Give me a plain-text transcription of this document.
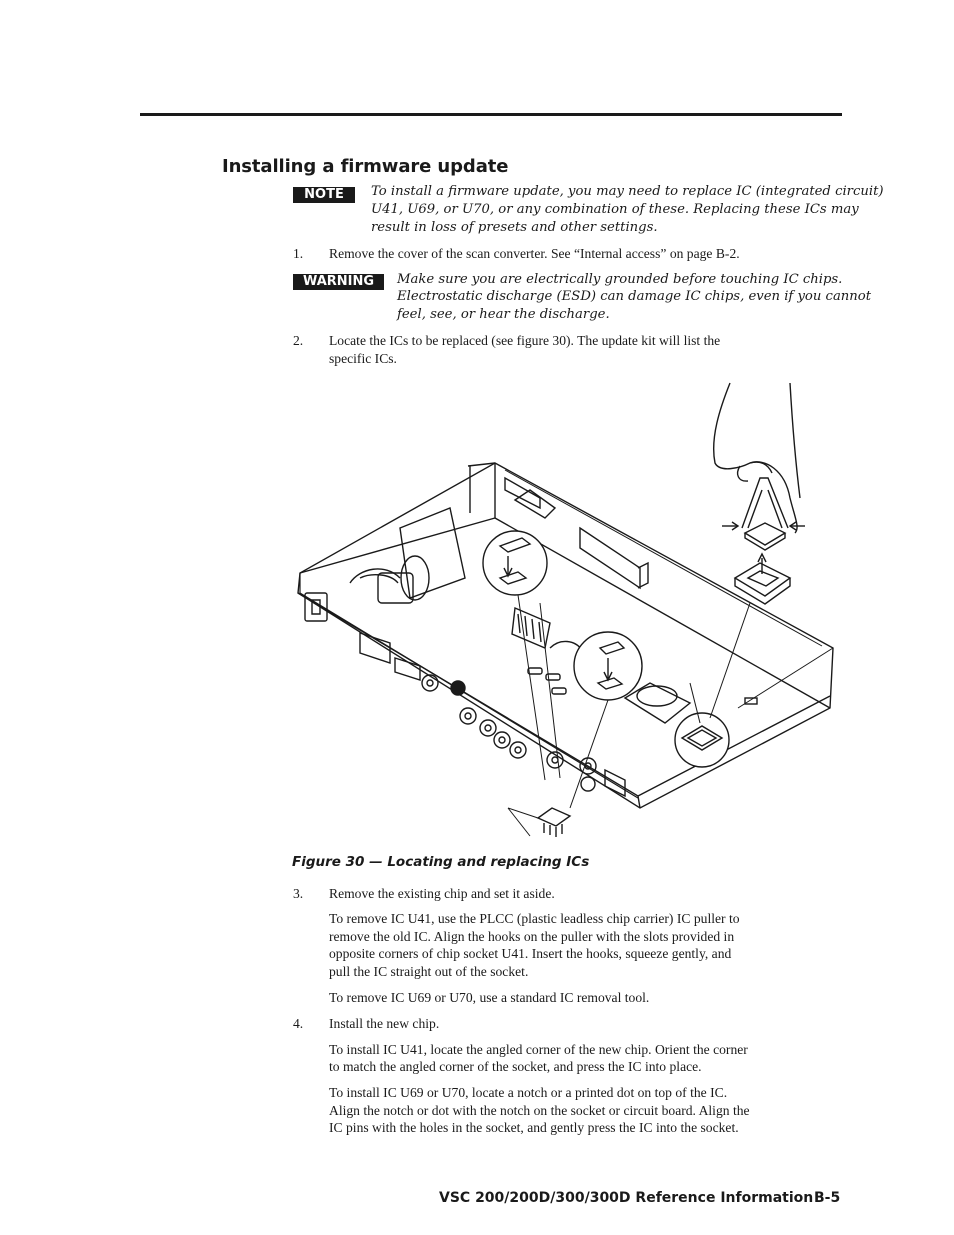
Installing a firmware update
NOTE	To install a firmware update, you may need to replace IC (integrated circuit)
U41, U69, or U70, or any combination of these. Replacing these ICs may
result in loss of presets and other settings.
1. Remove the cover of the scan converter. See “Internal access” on page B-2.
WARNING	Make sure you are electrically grounded before touching IC chips.
Electrostatic discharge (ESD) can damage IC chips, even if you cannot
feel, see, or hear the discharge.
2. Locate the ICs to be replaced (see figure 30). The update kit will list the
specific ICs.
Figure 30 — Locating and replacing ICs
3. Remove the existing chip and set it aside.
To remove IC U41, use the PLCC (plastic leadless chip carrier) IC puller to
remove the old IC. Align the hooks on the puller with the slots provided in
opposite corners of chip socket U41. Insert the hooks, squeeze gently, and
pull the IC straight out of the socket.
To remove IC U69 or U70, use a standard IC removal tool.
4. Install the new chip.
To install IC U41, locate the angled corner of the new chip. Orient the corner
to match the angled corner of the socket, and press the IC into place.
To install IC U69 or U70, locate a notch or a printed dot on top of the IC.
Align the notch or dot with the notch on the socket or circuit board. Align the
IC pins with the holes in the socket, and gently press the IC into the socket.
VSC 200/200D/300/300D Reference Information B-5
